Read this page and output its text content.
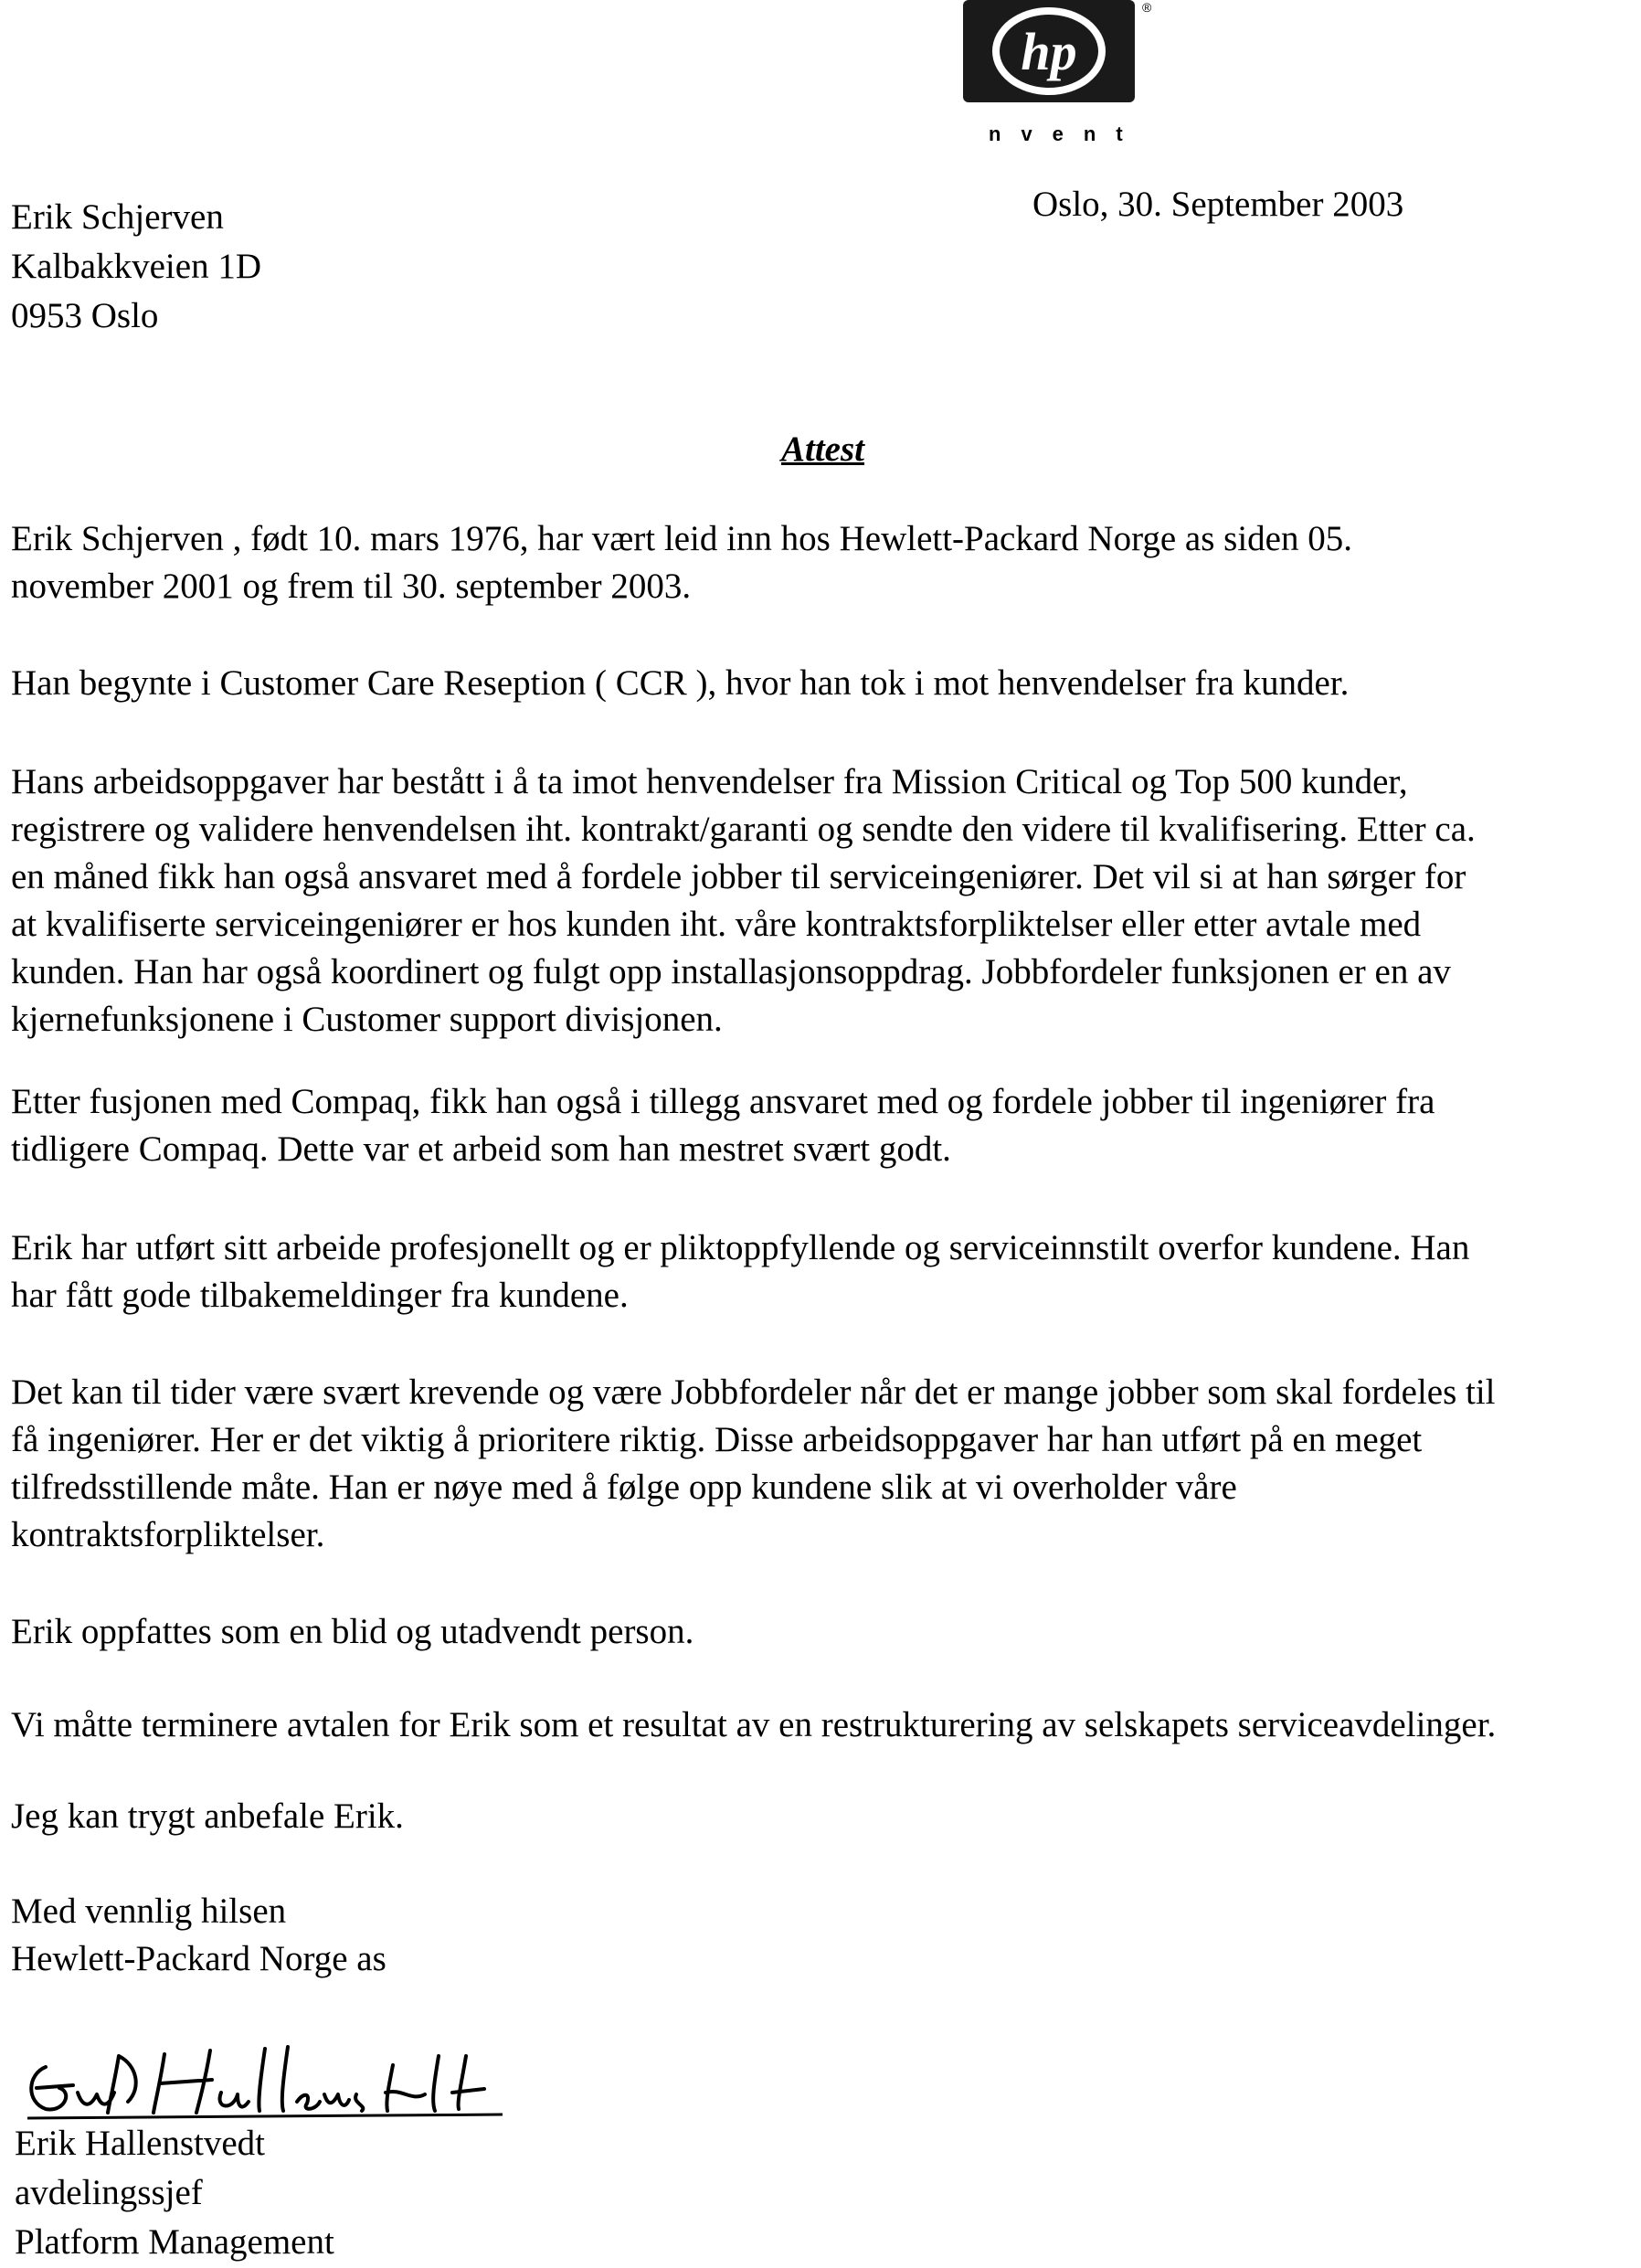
hp
®
nvent
Erik Schjerven
Kalbakkveien 1D
0953 Oslo
Oslo, 30. September 2003
Attest
Erik Schjerven , født 10. mars 1976, har vært leid inn hos Hewlett-Packard Norge as siden 05.
november 2001 og frem til 30. september 2003.
Han begynte i Customer Care Reseption ( CCR ), hvor han tok i mot henvendelser fra kunder.
Hans arbeidsoppgaver har bestått i å ta imot henvendelser fra Mission Critical og Top 500 kunder,
registrere og validere henvendelsen iht. kontrakt/garanti og sendte den videre til kvalifisering. Etter ca.
en måned fikk han også ansvaret med å fordele jobber til serviceingeniører. Det vil si at han sørger for
at kvalifiserte serviceingeniører er hos kunden iht. våre kontraktsforpliktelser eller etter avtale med
kunden. Han har også koordinert og fulgt opp installasjonsoppdrag. Jobbfordeler funksjonen er en av
kjernefunksjonene i Customer support divisjonen.
Etter fusjonen med Compaq, fikk han også i tillegg ansvaret med og fordele jobber til ingeniører fra
tidligere Compaq. Dette var et arbeid som han mestret svært godt.
Erik har utført sitt arbeide profesjonellt og er pliktoppfyllende og serviceinnstilt overfor kundene. Han
har fått gode tilbakemeldinger fra kundene.
Det kan til tider være svært krevende og være Jobbfordeler når det er mange jobber som skal fordeles til
få ingeniører. Her er det viktig å prioritere riktig. Disse arbeidsoppgaver har han utført på en meget
tilfredsstillende måte. Han er nøye med å følge opp kundene slik at vi overholder våre
kontraktsforpliktelser.
Erik oppfattes som en blid og utadvendt person.
Vi måtte terminere avtalen for Erik som et resultat av en restrukturering av selskapets serviceavdelinger.
Jeg kan trygt anbefale Erik.
Med vennlig hilsen
Hewlett-Packard Norge as
Erik Hallenstvedt
avdelingssjef
Platform Management
